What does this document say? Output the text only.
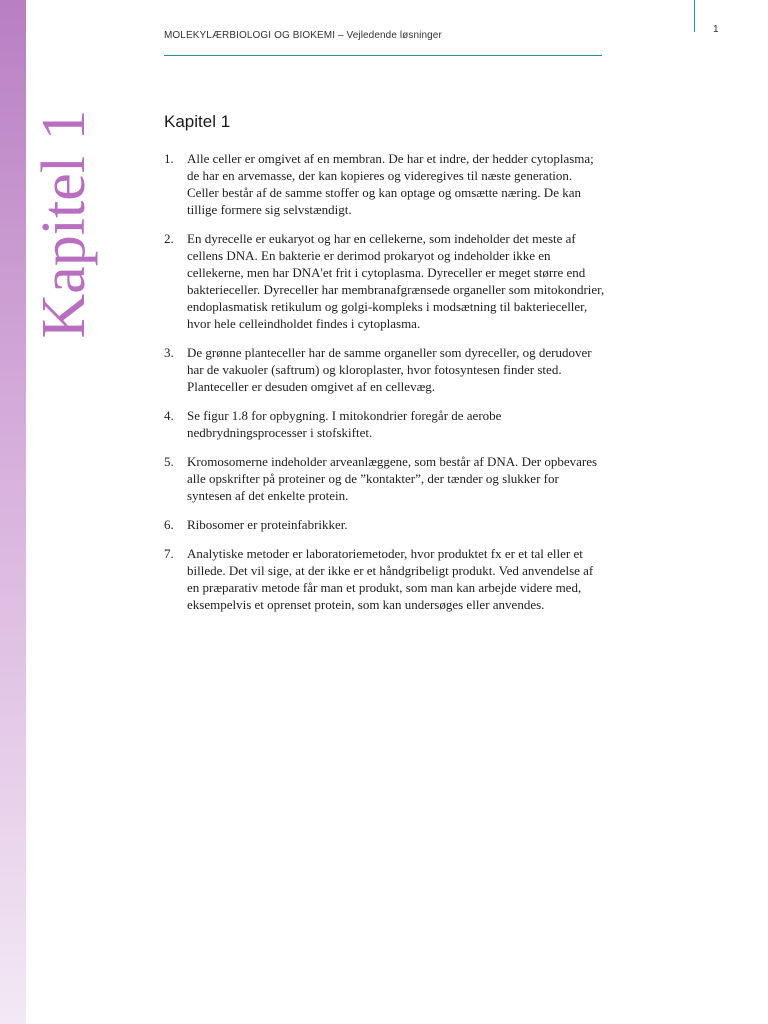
Kapitel 1
1
MOLEKYLÆRBIOLOGI OG BIOKEMI – Vejledende løsninger
Kapitel 1
1.	Alle celler er omgivet af en membran. De har et indre, der hedder cytoplasma; de har en arvemasse, der kan kopieres og videregives til næste generation. Celler består af de samme stoffer og kan optage og omsætte næring. De kan tillige formere sig selvstændigt.
2.	En dyrecelle er eukaryot og har en cellekerne, som indeholder det meste af cellens DNA. En bakterie er derimod prokaryot og indeholder ikke en cellekerne, men har DNA'et frit i cytoplasma. Dyreceller er meget større end bakterieceller. Dyreceller har membranafgrænsede organeller som mitokondrier, endoplasmatisk retikulum og golgi-kompleks i modsætning til bakterieceller, hvor hele celleindholdet findes i cytoplasma.
3.	De grønne planteceller har de samme organeller som dyreceller, og derudover har de vakuoler (saftrum) og kloroplaster, hvor fotosyntesen finder sted. Planteceller er desuden omgivet af en cellevæg.
4.	Se figur 1.8 for opbygning. I mitokondrier foregår de aerobe nedbrydningsprocesser i stofskiftet.
5.	Kromosomerne indeholder arveanlæggene, som består af DNA. Der opbevares alle opskrifter på proteiner og de ”kontakter”, der tænder og slukker for syntesen af det enkelte protein.
6.	Ribosomer er proteinfabrikker.
7.	Analytiske metoder er laboratoriemetoder, hvor produktet fx er et tal eller et billede. Det vil sige, at der ikke er et håndgribeligt produkt. Ved anvendelse af en præparativ metode får man et produkt, som man kan arbejde videre med, eksempelvis et oprenset protein, som kan undersøges eller anvendes.
